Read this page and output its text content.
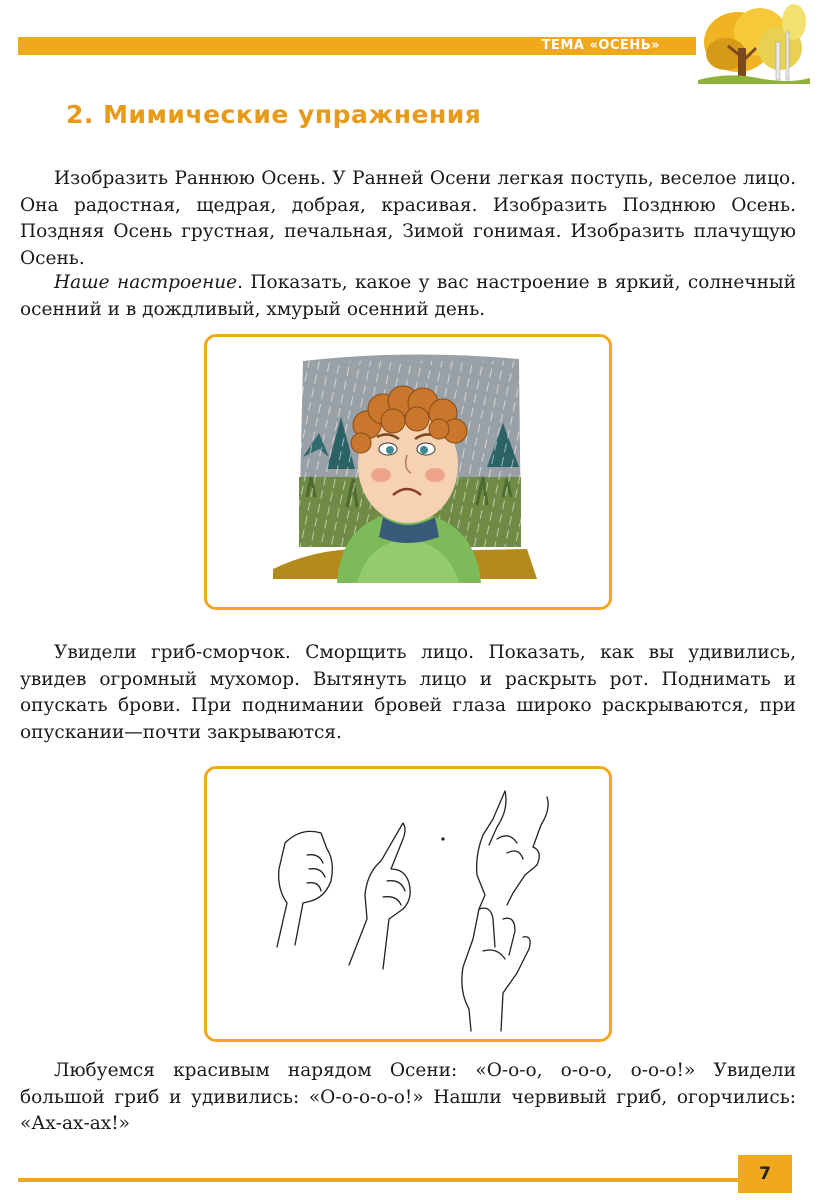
ТЕМА «ОСЕНЬ»
2. Мимические упражнения

Изобразить Раннюю Осень. У Ранней Осени легкая поступь, веселое лицо. Она радостная, щедрая, добрая, красивая. Изобразить Позднюю Осень. Поздняя Осень грустная, печальная, Зимой гонимая. Изобразить плачущую Осень.

Наше настроение. Показать, какое у вас настроение в яркий, солнечный осенний и в дождливый, хмурый осенний день.

Увидели гриб-сморчок. Сморщить лицо. Показать, как вы удивились, увидев огромный мухомор. Вытянуть лицо и раскрыть рот. Поднимать и опускать брови. При поднимании бровей глаза широко раскрываются, при опускании—почти закрываются.

Любуемся красивым нарядом Осени: «О-о-о, о-о-о, о-о-о!» Увидели большой гриб и удивились: «О-о-о-о-о!» Нашли червивый гриб, огорчились: «Ах-ах-ах!»

7
